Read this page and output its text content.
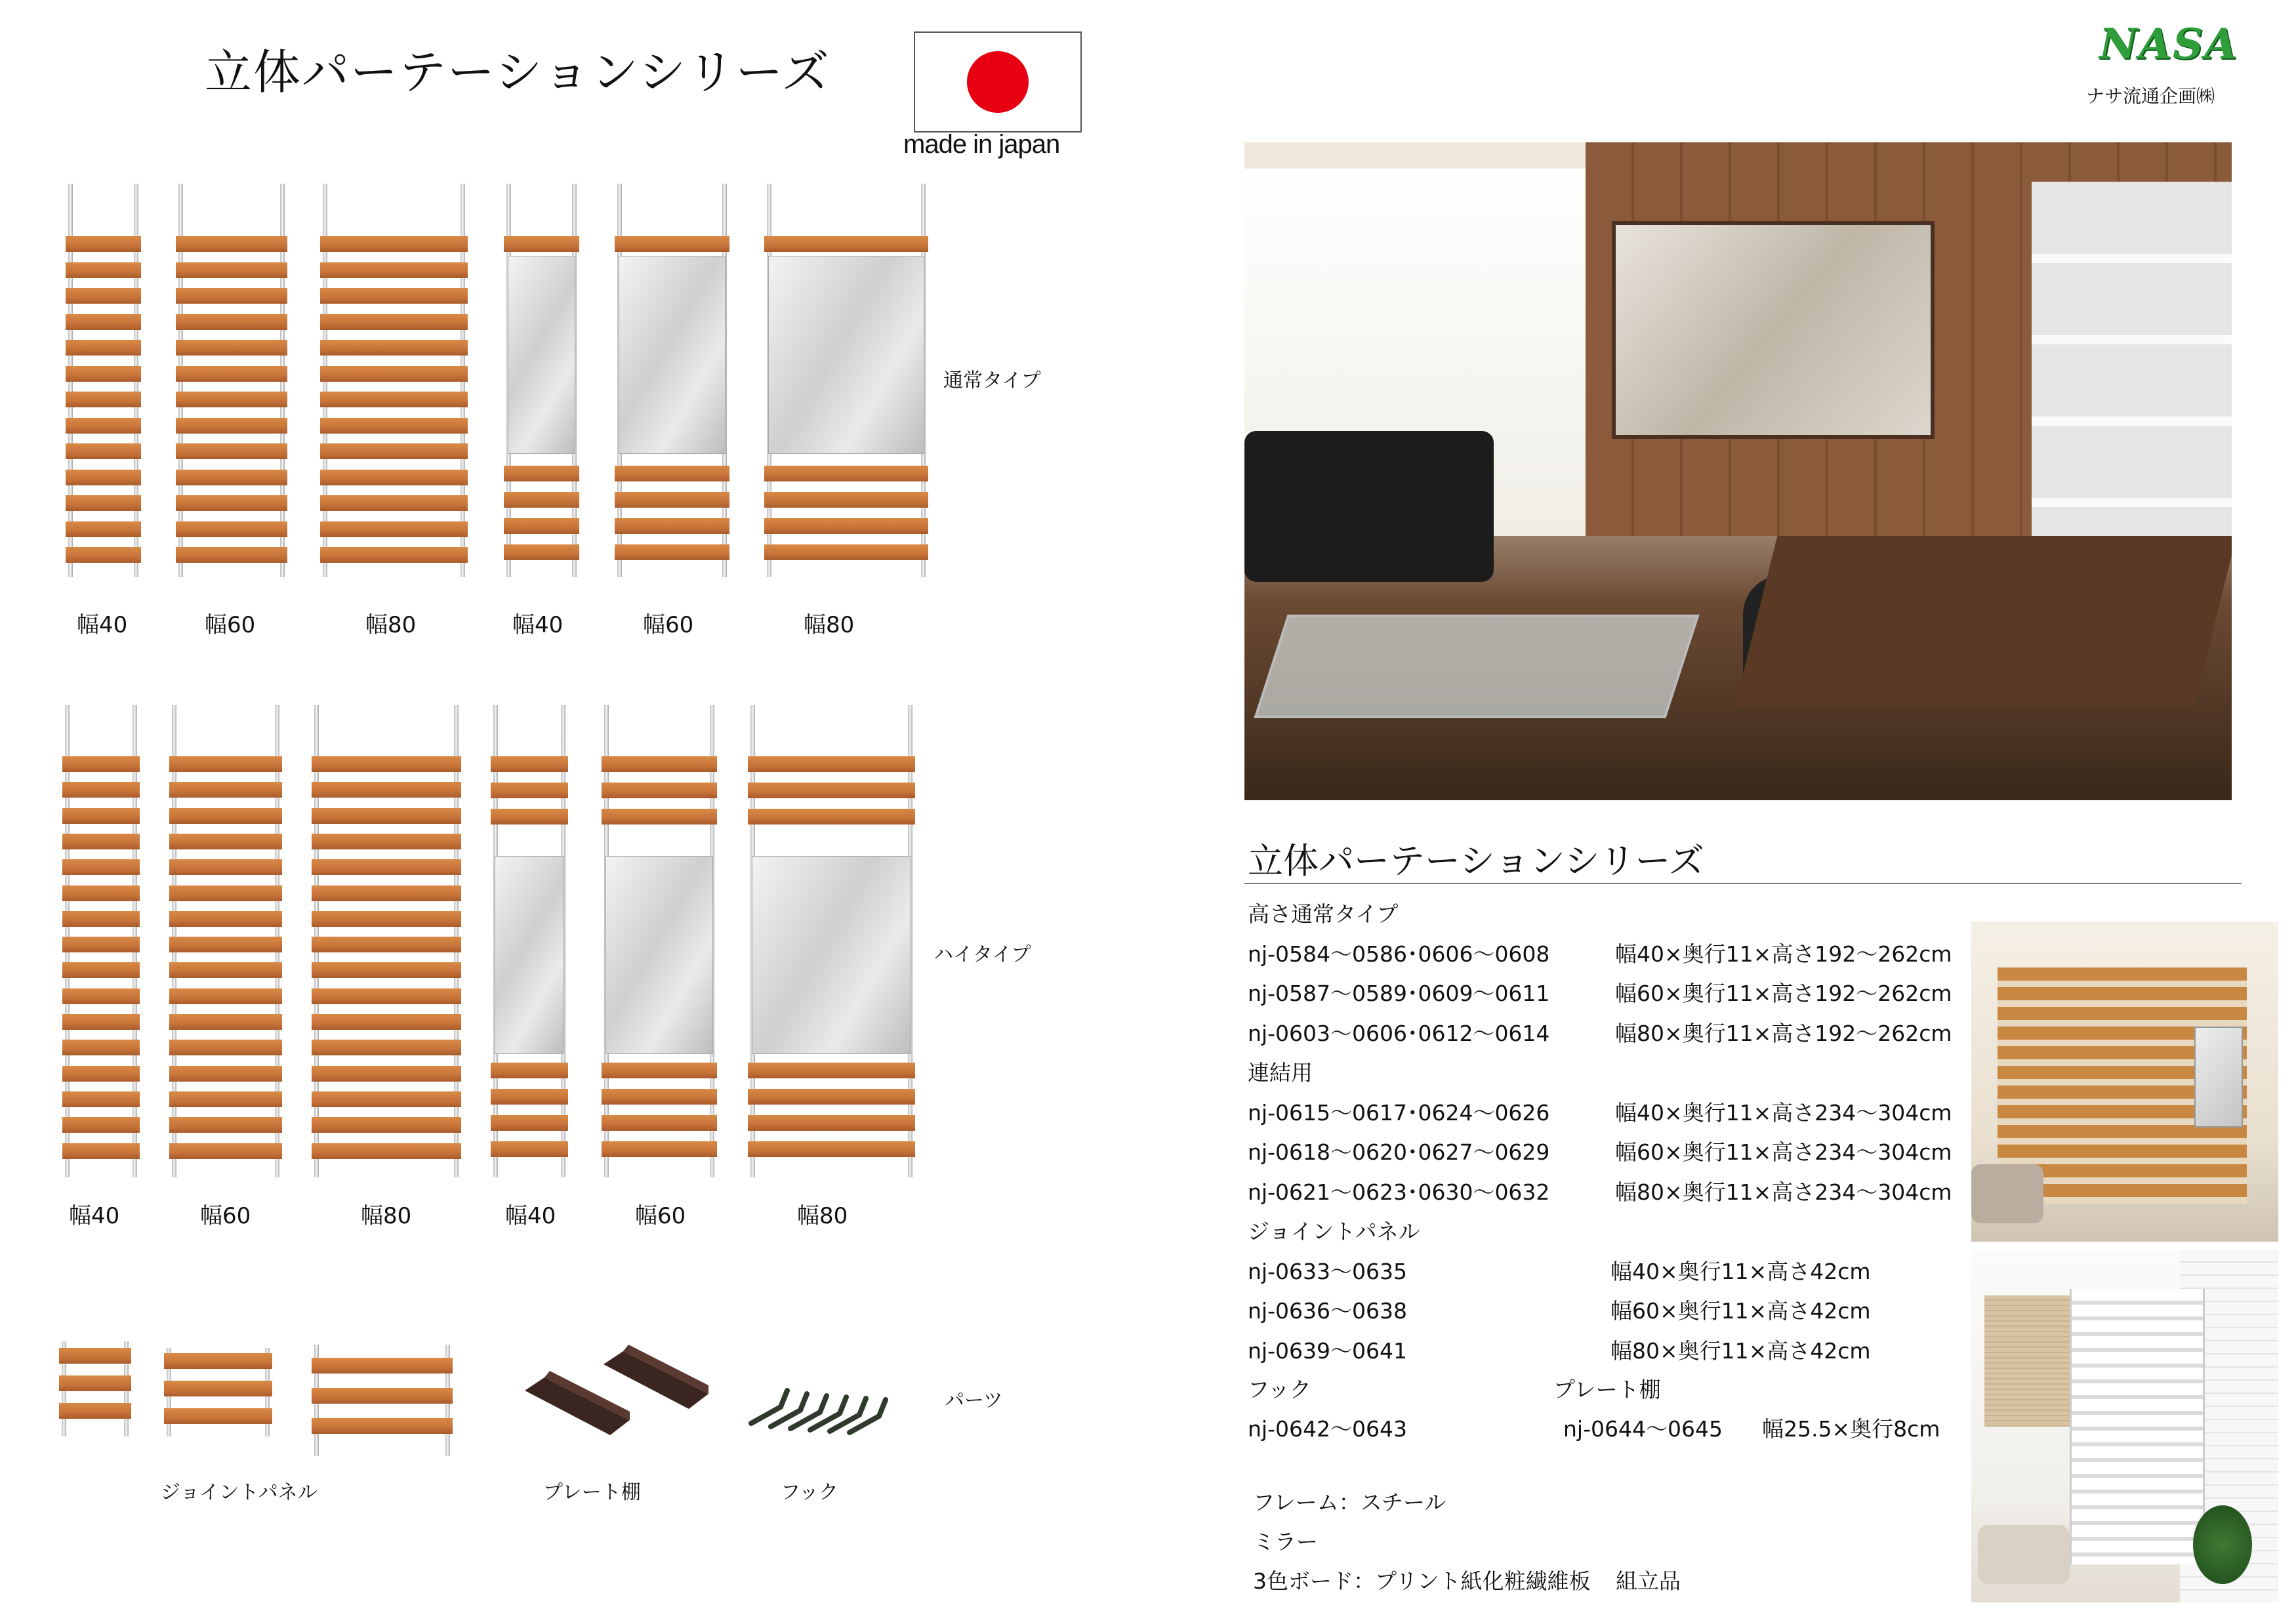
立体パーテーションシリーズ
made in japan
NASA
ナサ流通企画㈱
通常タイプ
幅40	幅60	幅80	幅40	幅60	幅80
ハイタイプ
幅40	幅60	幅80	幅40	幅60	幅80
パーツ
ジョイントパネル	プレート棚	フック
立体パーテーションシリーズ
高さ通常タイプ
nj-0584～0586･0606～0608	幅40×奥行11×高さ192～262cm
nj-0587～0589･0609～0611	幅60×奥行11×高さ192～262cm
nj-0603～0606･0612～0614	幅80×奥行11×高さ192～262cm
連結用
nj-0615～0617･0624～0626	幅40×奥行11×高さ234～304cm
nj-0618～0620･0627～0629	幅60×奥行11×高さ234～304cm
nj-0621～0623･0630～0632	幅80×奥行11×高さ234～304cm
ジョイントパネル
nj-0633～0635	幅40×奥行11×高さ42cm
nj-0636～0638	幅60×奥行11×高さ42cm
nj-0639～0641	幅80×奥行11×高さ42cm
フック	プレート棚
nj-0642～0643	nj-0644～0645 幅25.5×奥行8cm
フレーム：スチール
ミラー
3色ボード：プリント紙化粧繊維板 組立品
